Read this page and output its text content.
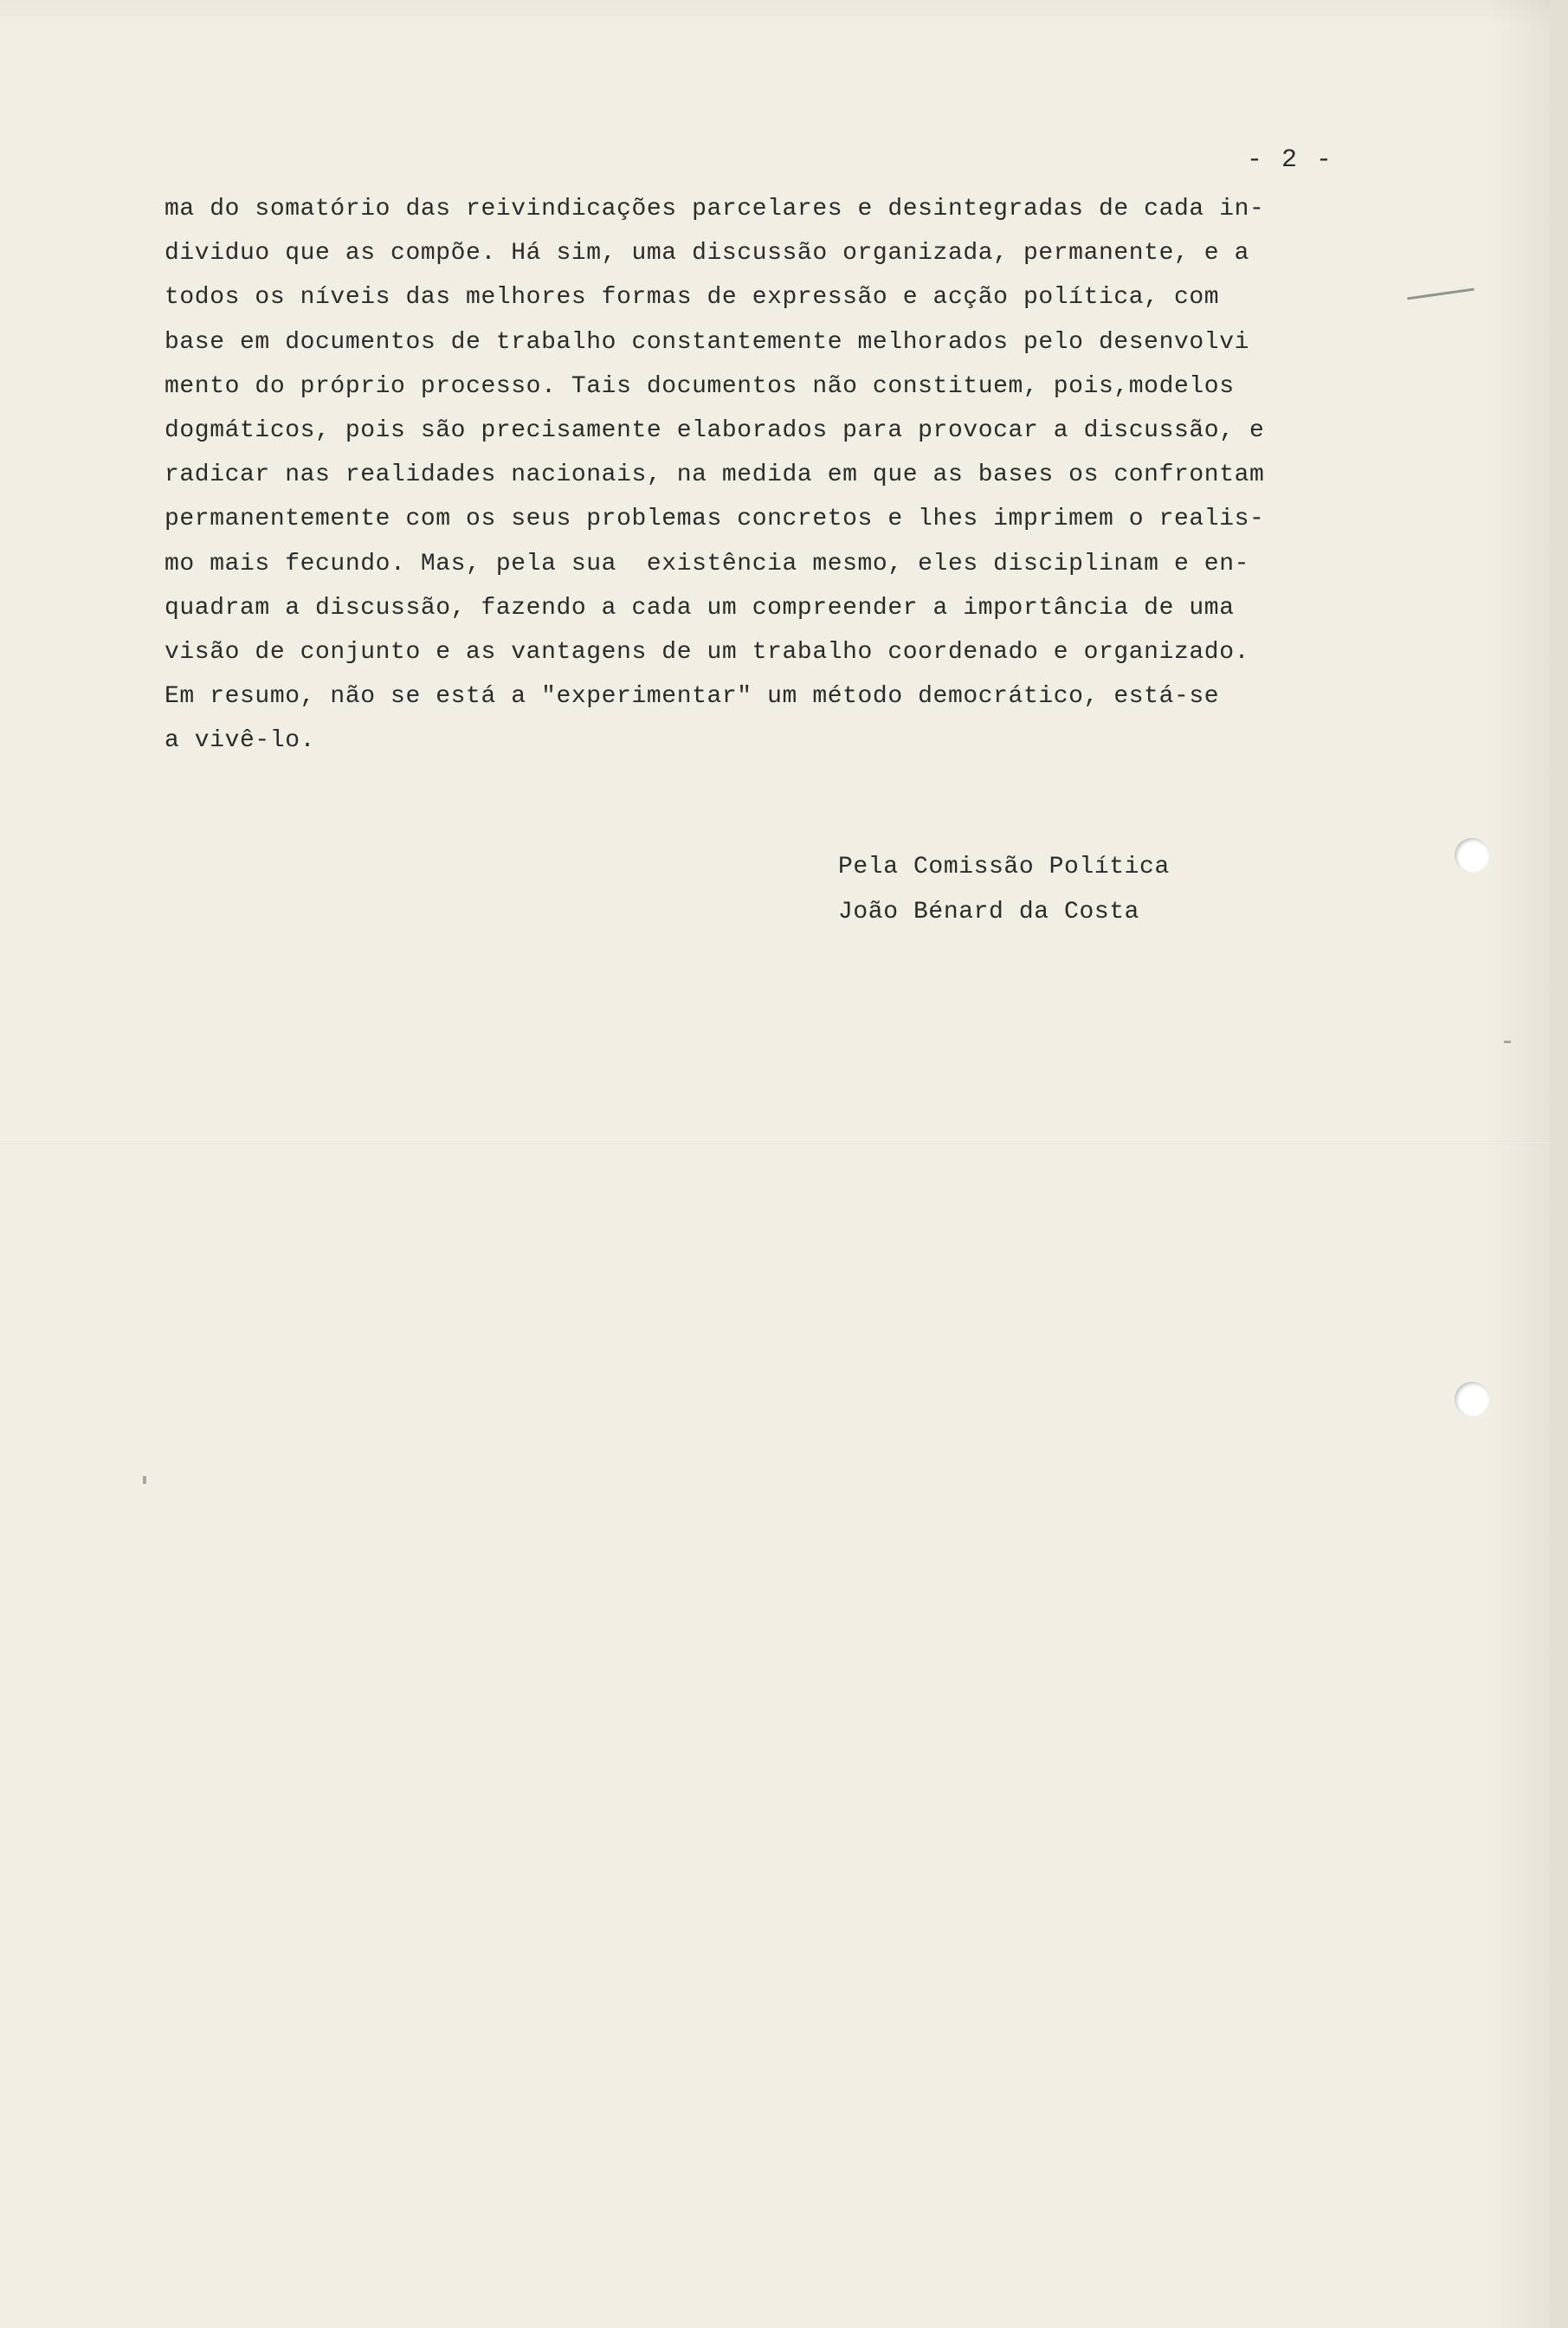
- 2 -
ma do somatório das reivindicações parcelares e desintegradas de cada in-
dividuo que as compõe. Há sim, uma discussão organizada, permanente, e a
todos os níveis das melhores formas de expressão e acção política, com
base em documentos de trabalho constantemente melhorados pelo desenvolvi
mento do próprio processo. Tais documentos não constituem, pois,modelos
dogmáticos, pois são precisamente elaborados para provocar a discussão, e
radicar nas realidades nacionais, na medida em que as bases os confrontam
permanentemente com os seus problemas concretos e lhes imprimem o realis-
mo mais fecundo. Mas, pela sua  existência mesmo, eles disciplinam e en-
quadram a discussão, fazendo a cada um compreender a importância de uma
visão de conjunto e as vantagens de um trabalho coordenado e organizado.
Em resumo, não se está a "experimentar" um método democrático, está-se
a vivê-lo.
Pela Comissão Política
João Bénard da Costa
